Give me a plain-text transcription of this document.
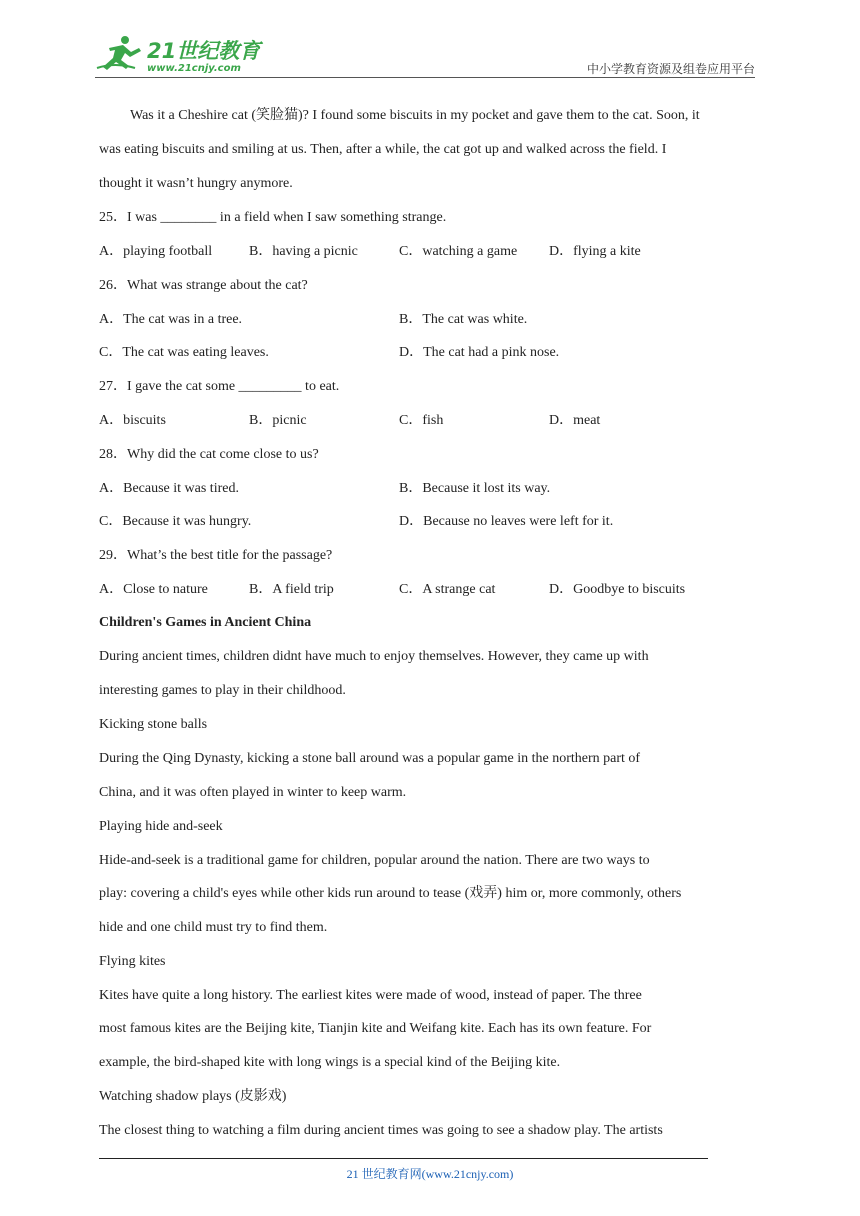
21世纪教育
www.21cnjy.com	中小学教育资源及组卷应用平台
Was it a Cheshire cat (笑脸猫)? I found some biscuits in my pocket and gave them to the cat. Soon, it
was eating biscuits and smiling at us. Then, after a while, the cat got up and walked across the field. I
thought it wasn’t hungry anymore.
25．I was ________ in a field when I saw something strange.
A．playing football	B．having a picnic	C．watching a game D．flying a kite
26．What was strange about the cat?
A．The cat was in a tree.	B．The cat was white.
C．The cat was eating leaves.	D．The cat had a pink nose.
27．I gave the cat some _________ to eat.
A．biscuits	B．picnic	C．fish	D．meat
28．Why did the cat come close to us?
A．Because it was tired.	B．Because it lost its way.
C．Because it was hungry.	D．Because no leaves were left for it.
29．What’s the best title for the passage?
A．Close to nature	B．A field trip	C．A strange cat	D．Goodbye to biscuits
Children's Games in Ancient China
During ancient times, children didnt have much to enjoy themselves. However, they came up with
interesting games to play in their childhood.
Kicking stone balls
During the Qing Dynasty, kicking a stone ball around was a popular game in the northern part of
China, and it was often played in winter to keep warm.
Playing hide and-seek
Hide-and-seek is a traditional game for children, popular around the nation. There are two ways to
play: covering a child's eyes while other kids run around to tease (戏弄) him or, more commonly, others
hide and one child must try to find them.
Flying kites
Kites have quite a long history. The earliest kites were made of wood, instead of paper. The three
most famous kites are the Beijing kite, Tianjin kite and Weifang kite. Each has its own feature. For
example, the bird-shaped kite with long wings is a special kind of the Beijing kite.
Watching shadow plays (皮影戏)
The closest thing to watching a film during ancient times was going to see a shadow play. The artists
21 世纪教育网(www.21cnjy.com)
